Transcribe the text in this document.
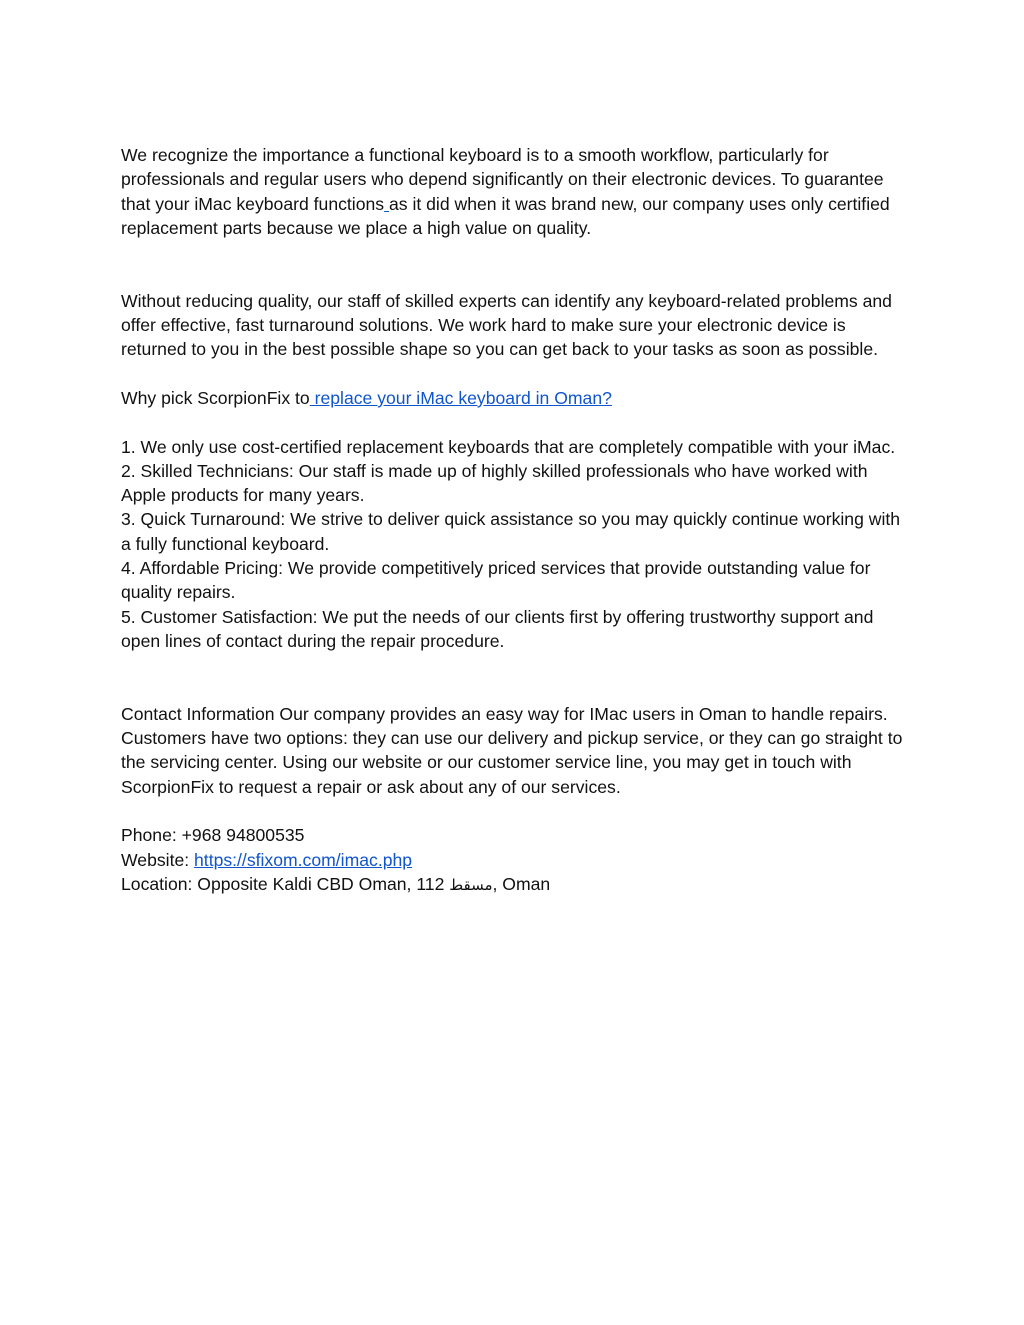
We recognize the importance a functional keyboard is to a smooth workflow, particularly for professionals and regular users who depend significantly on their electronic devices. To guarantee that your iMac keyboard functions as it did when it was brand new, our company uses only certified replacement parts because we place a high value on quality.

Without reducing quality, our staff of skilled experts can identify any keyboard-related problems and offer effective, fast turnaround solutions. We work hard to make sure your electronic device is returned to you in the best possible shape so you can get back to your tasks as soon as possible.

Why pick ScorpionFix to replace your iMac keyboard in Oman?

1. We only use cost-certified replacement keyboards that are completely compatible with your iMac.

2. Skilled Technicians: Our staff is made up of highly skilled professionals who have worked with Apple products for many years.

3. Quick Turnaround: We strive to deliver quick assistance so you may quickly continue working with a fully functional keyboard.

4. Affordable Pricing: We provide competitively priced services that provide outstanding value for quality repairs.

5. Customer Satisfaction: We put the needs of our clients first by offering trustworthy support and open lines of contact during the repair procedure.

Contact Information Our company provides an easy way for IMac users in Oman to handle repairs. Customers have two options: they can use our delivery and pickup service, or they can go straight to the servicing center. Using our website or our customer service line, you may get in touch with ScorpionFix to request a repair or ask about any of our services.

Phone: +968 94800535

Website: https://sfixom.com/imac.php

Location: Opposite Kaldi CBD Oman, 112 مسقط, Oman
